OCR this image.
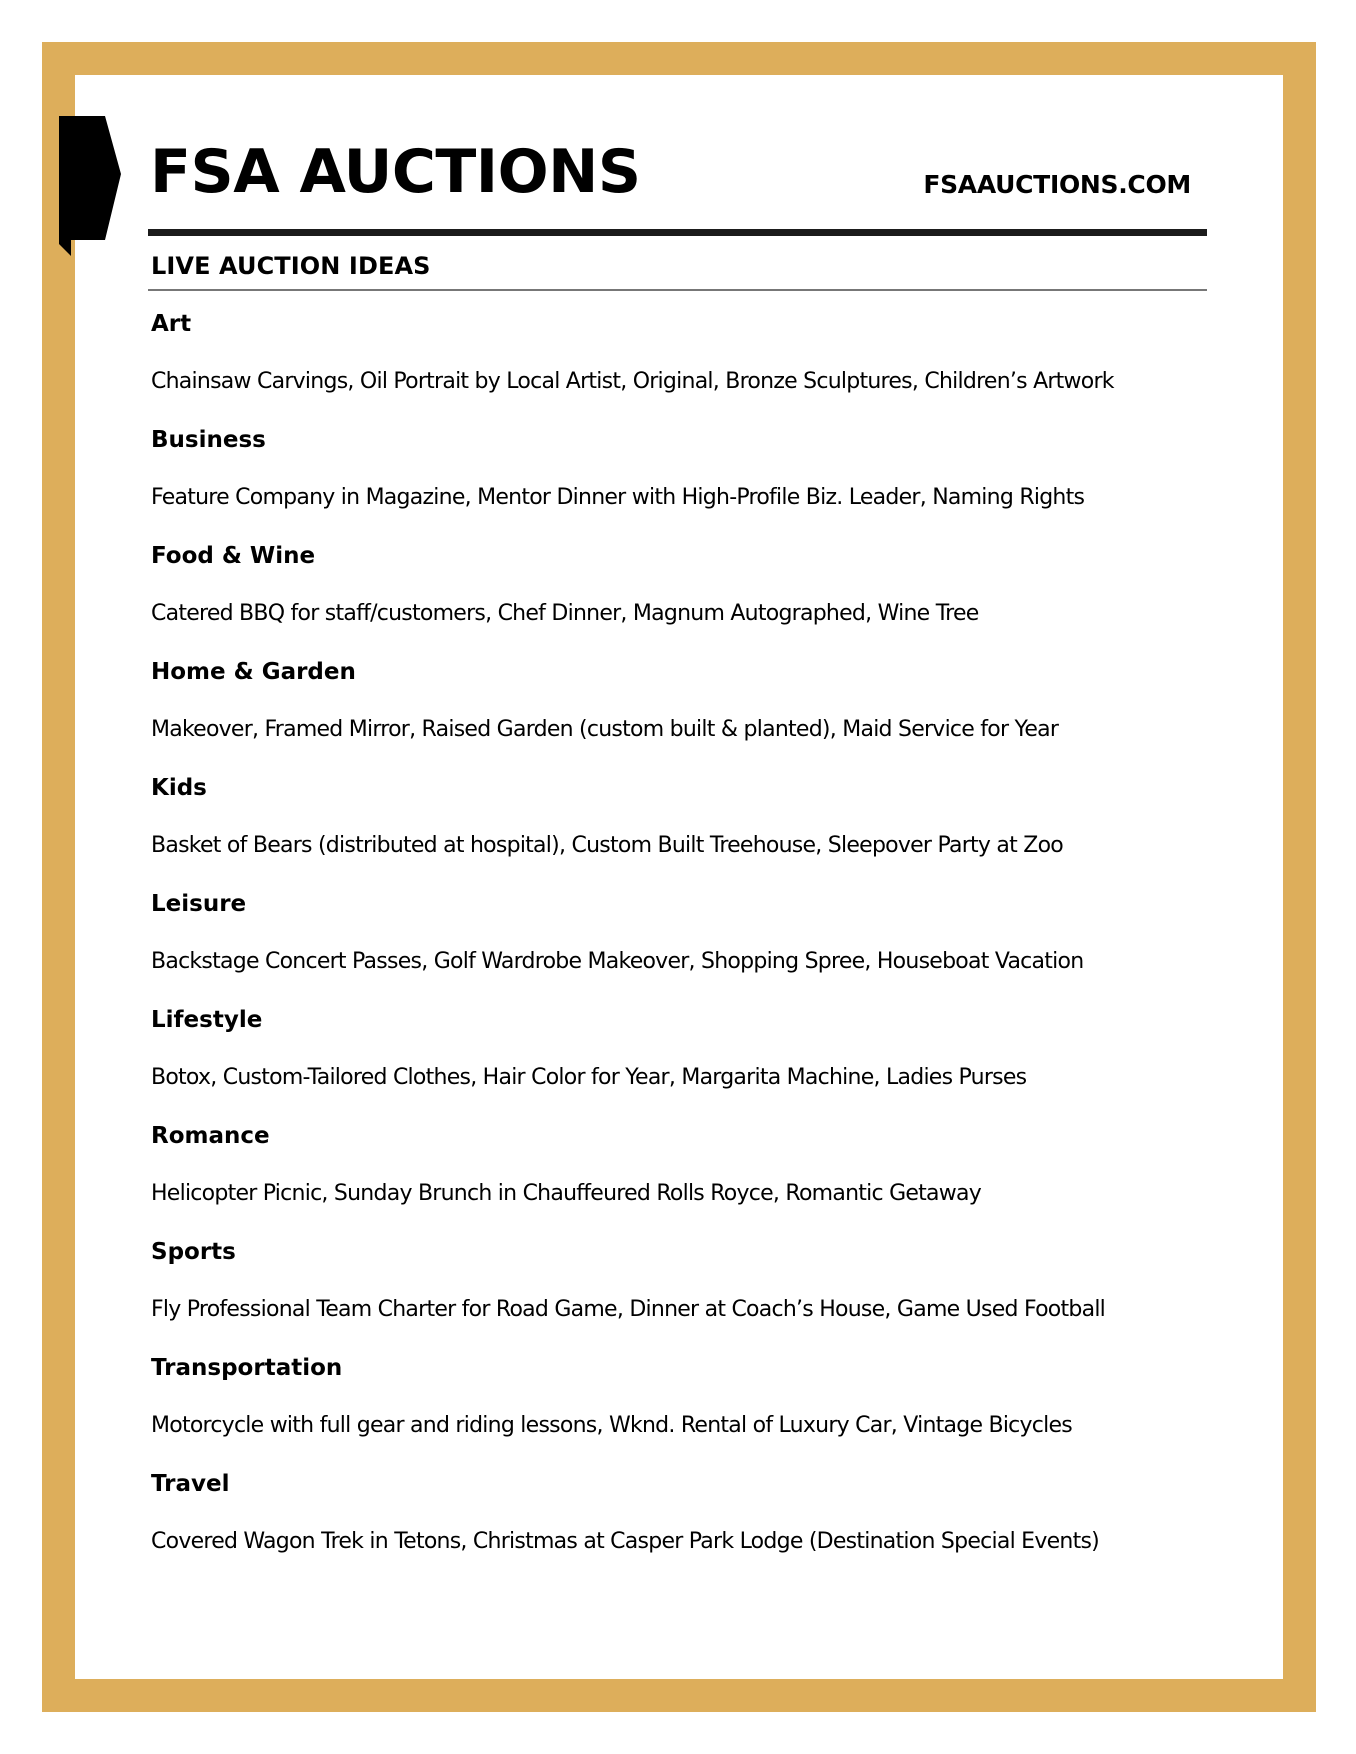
FSA AUCTIONS	FSAAUCTIONS.COM
LIVE AUCTION IDEAS
Art
Chainsaw Carvings, Oil Portrait by Local Artist, Original, Bronze Sculptures, Children’s Artwork
Business
Feature Company in Magazine, Mentor Dinner with High-Profile Biz. Leader, Naming Rights
Food & Wine
Catered BBQ for staff/customers, Chef Dinner, Magnum Autographed, Wine Tree
Home & Garden
Makeover, Framed Mirror, Raised Garden (custom built & planted), Maid Service for Year
Kids
Basket of Bears (distributed at hospital), Custom Built Treehouse, Sleepover Party at Zoo
Leisure
Backstage Concert Passes, Golf Wardrobe Makeover, Shopping Spree, Houseboat Vacation
Lifestyle
Botox, Custom-Tailored Clothes, Hair Color for Year, Margarita Machine, Ladies Purses
Romance
Helicopter Picnic, Sunday Brunch in Chauffeured Rolls Royce, Romantic Getaway
Sports
Fly Professional Team Charter for Road Game, Dinner at Coach’s House, Game Used Football
Transportation
Motorcycle with full gear and riding lessons, Wknd. Rental of Luxury Car, Vintage Bicycles
Travel
Covered Wagon Trek in Tetons, Christmas at Casper Park Lodge (Destination Special Events)
